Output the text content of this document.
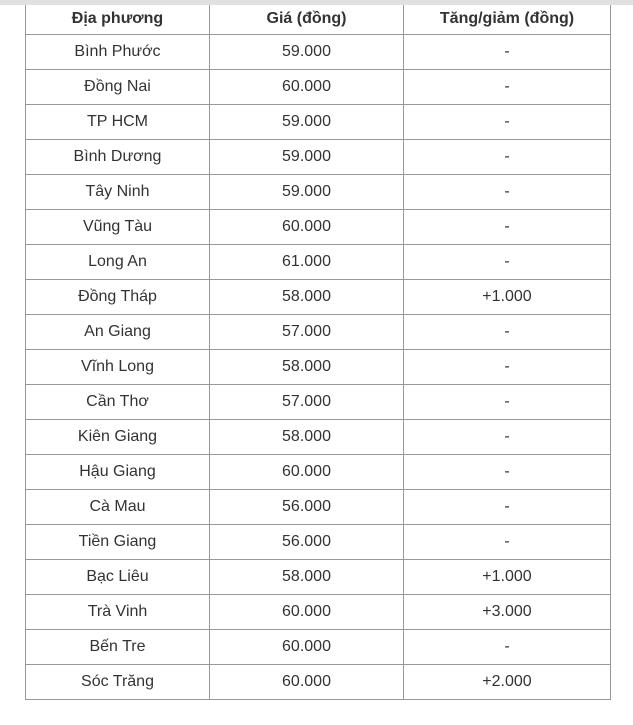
Địa phương	Giá (đồng)	Tăng/giảm (đồng)
Bình Phước	59.000	-
Đồng Nai	60.000	-
TP HCM	59.000	-
Bình Dương	59.000	-
Tây Ninh	59.000	-
Vũng Tàu	60.000	-
Long An	61.000	-
Đồng Tháp	58.000	+1.000
An Giang	57.000	-
Vĩnh Long	58.000	-
Cần Thơ	57.000	-
Kiên Giang	58.000	-
Hậu Giang	60.000	-
Cà Mau	56.000	-
Tiền Giang	56.000	-
Bạc Liêu	58.000	+1.000
Trà Vinh	60.000	+3.000
Bến Tre	60.000	-
Sóc Trăng	60.000	+2.000
